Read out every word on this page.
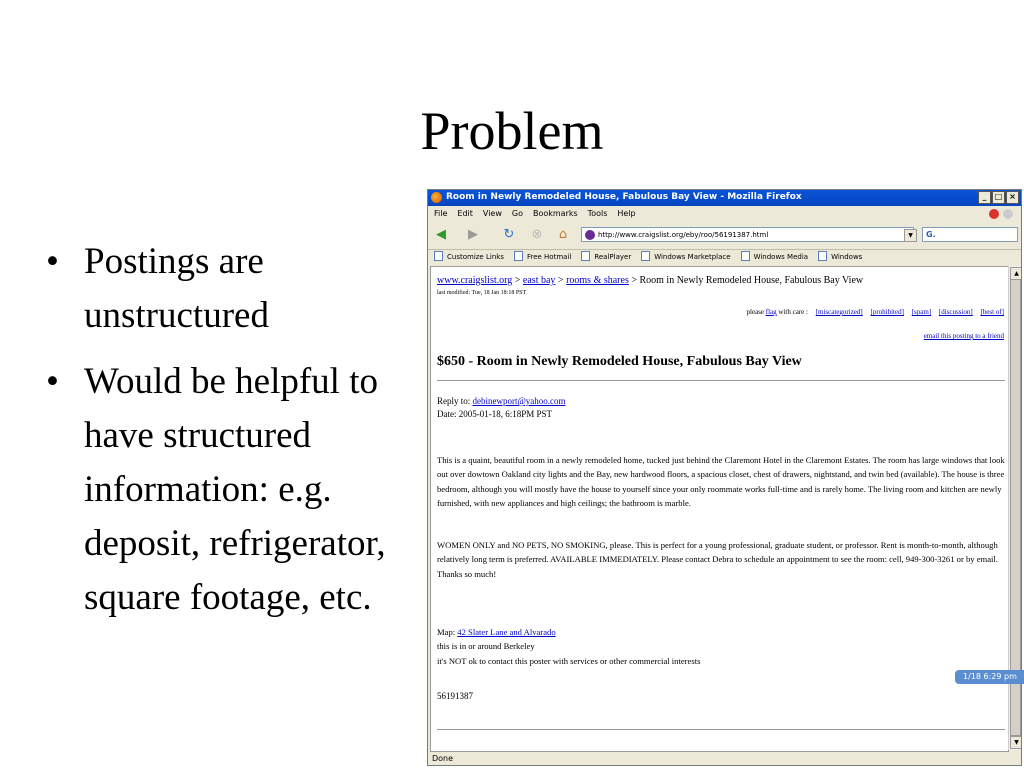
Problem
• Postings are unstructured
• Would be helpful to have structured information: e.g. deposit, refrigerator, square footage, etc.
Room in Newly Remodeled House, Fabulous Bay View - Mozilla Firefox	_ □ ×
File Edit View Go Bookmarks Tools Help
◀	▶	↻ ⊗	⌂	http://www.craigslist.org/eby/roo/56191387.html	▼	G.
Customize Links	Free Hotmail	RealPlayer	Windows Marketplace	Windows Media	Windows
www.craigslist.org > east bay > rooms & shares > Room in Newly Remodeled House, Fabulous Bay View
last modified: Tue, 18 Jan 18:18 PST
please flag with care : [miscategorized] [prohibited] [spam] [discussion] [best of]
email this posting to a friend
$650 - Room in Newly Remodeled House, Fabulous Bay View
Reply to: debinewport@yahoo.com
Date: 2005-01-18, 6:18PM PST
This is a quaint, beautiful room in a newly remodeled home, tucked just behind the Claremont Hotel in the Claremont Estates. The room has large windows that look out over dowtown Oakland city lights and the Bay, new hardwood floors, a spacious closet, chest of drawers, nightstand, and twin bed (available). The house is three bedroom, although you will mostly have the house to yourself since your only roommate works full-time and is rarely home. The living room and kitchen are newly furnished, with new appliances and high ceilings; the bathroom is marble.
WOMEN ONLY and NO PETS, NO SMOKING, please. This is perfect for a young professional, graduate student, or professor. Rent is month-to-month, although relatively long term is preferred. AVAILABLE IMMEDIATELY. Please contact Debra to schedule an appointment to see the room: cell, 949-300-3261 or by email.
Thanks so much!
Map: 42 Slater Lane and Alvarado
this is in or around Berkeley
it's NOT ok to contact this poster with services or other commercial interests
56191387
▲
▼
Done
1/18 6:29 pm
